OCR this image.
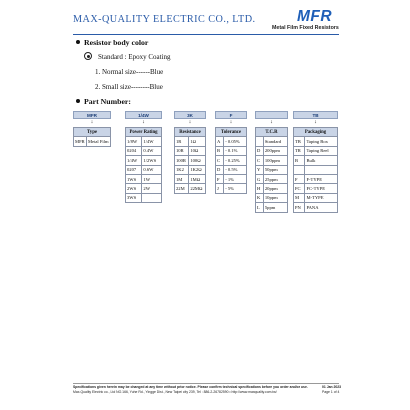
MAX-QUALITY ELECTRIC CO., LTD.	MFR
Metal Film Fixed Resistors
Resistor body color
Standard : Epoxy Coating
1. Normal size------Blue
2. Small size--------Blue
Part Number:
MFR	1/4W	3K	F	TB
↓	↓	↓	↓	↓	↓
Type
MFR	Metal Film
Power Rating	
1/8W	1/4W
0204	0.4W
1/4W	1/2WS
0207	0.6W
1WS	1W
2WS	2W
3WS	
Resistance	
1R	1Ω
10R	10Ω
100R	100Ω
1K2	1K2Ω
1M	1MΩ
22M	22MΩ
Tolerance	
A	- 0.05%
B	- 0.1%
C	- 0.25%
D	- 0.5%
F	- 1%
J	- 5%
T.C.R	
	Standard
D	200ppm
C	100ppm
Y	50ppm
G	25ppm
H	20ppm
K	10ppm
L	5ppm
Packaging	
TB	Taping Box
TR	Taping Reel
B	Bulk

F	F-TYPE
FC	FC-TYPE
M	M-TYPE
PN	PANA
Specifications given herein may be changed at any time without prior notice. Please confirm technical specifications before you order and/or use.
Max-Quality Electric co., Ltd NO.166, Yuhe Rd., Yingge Dist., New Taipei city 239, Tel : 886-2-26782590 • http://www.maxquality.com.tw/
01 Jan 2023
Page 1 of 4
